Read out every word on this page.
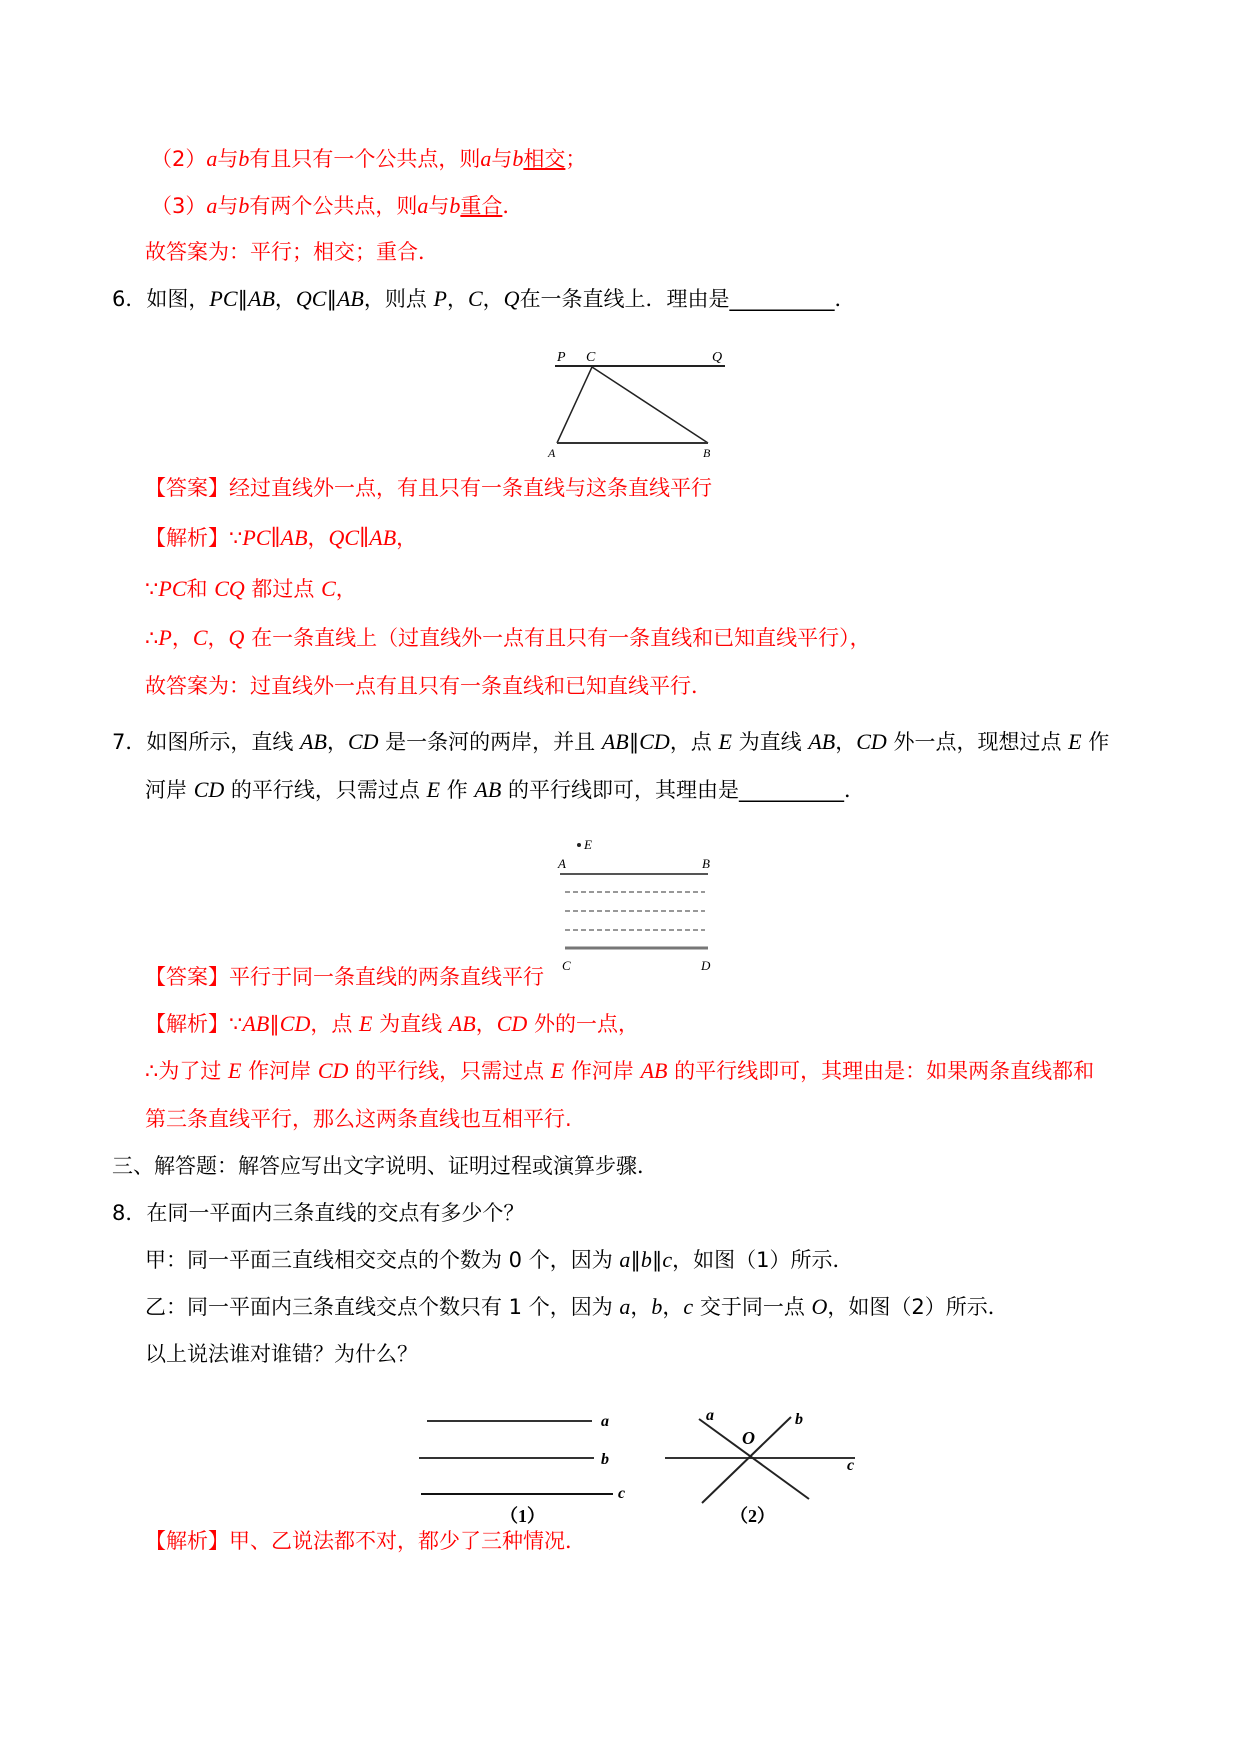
（2）a与b有且只有一个公共点，则a与b相交；
（3）a与b有两个公共点，则a与b重合．
故答案为：平行；相交；重合．
6．如图，PC∥AB，QC∥AB，则点 P，C，Q在一条直线上．理由是__________．
【答案】经过直线外一点，有且只有一条直线与这条直线平行
【解析】∵PC∥AB，QC∥AB，
∵PC和 CQ 都过点 C，
∴P，C，Q 在一条直线上（过直线外一点有且只有一条直线和已知直线平行），
故答案为：过直线外一点有且只有一条直线和已知直线平行．
7．如图所示，直线 AB，CD 是一条河的两岸，并且 AB∥CD，点 E 为直线 AB，CD 外一点，现想过点 E 作
河岸 CD 的平行线，只需过点 E 作 AB 的平行线即可，其理由是__________．
【答案】平行于同一条直线的两条直线平行
【解析】∵AB∥CD，点 E 为直线 AB，CD 外的一点，
∴为了过 E 作河岸 CD 的平行线，只需过点 E 作河岸 AB 的平行线即可，其理由是：如果两条直线都和
第三条直线平行，那么这两条直线也互相平行.
三、解答题：解答应写出文字说明、证明过程或演算步骤．
8．在同一平面内三条直线的交点有多少个？
甲：同一平面三直线相交交点的个数为 0 个，因为 a∥b∥c，如图（1）所示．
乙：同一平面内三条直线交点个数只有 1 个，因为 a，b，c 交于同一点 O，如图（2）所示．
以上说法谁对谁错？为什么？
【解析】甲、乙说法都不对，都少了三种情况．
P C	Q
A	B
E
A	B
C	D
a
b
c
（1）
a	b
c
O
（2）
